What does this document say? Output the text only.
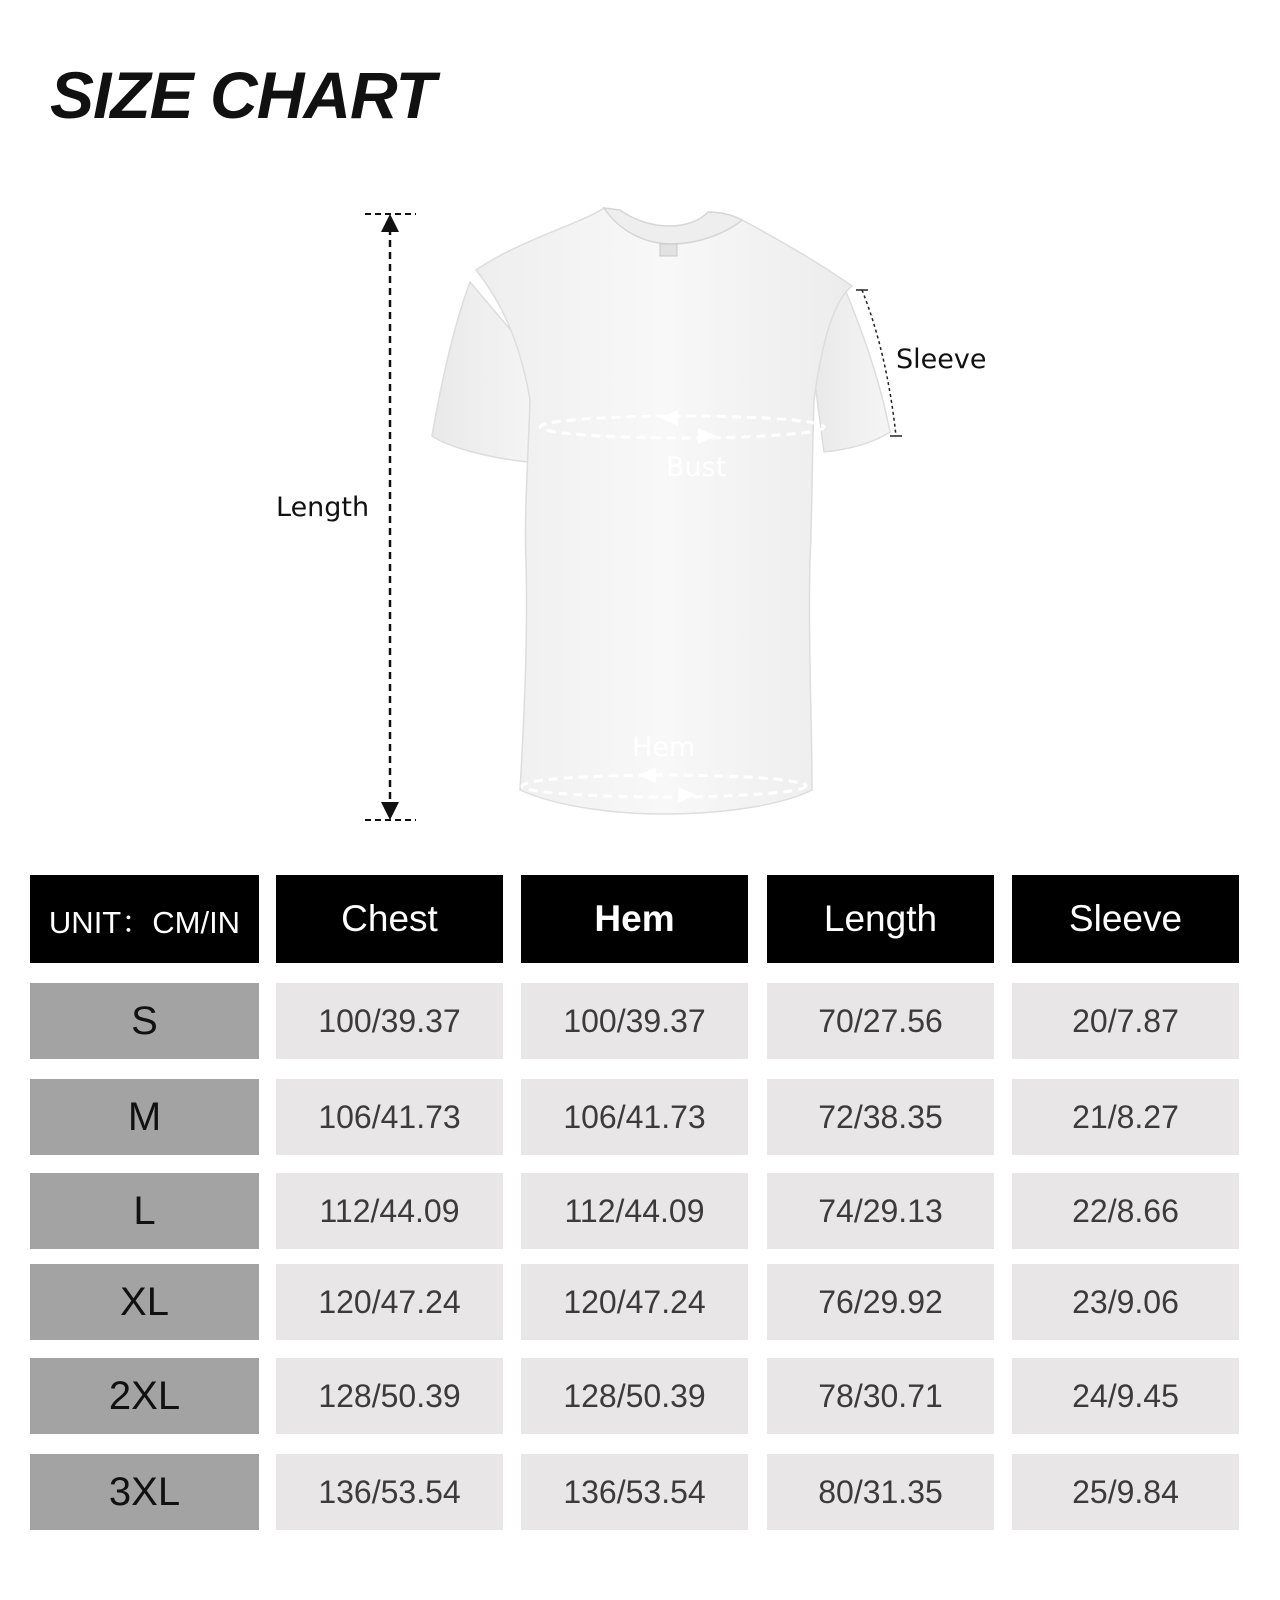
SIZE CHART
Length
Sleeve
Bust
Hem
UNIT：CM/IN	Chest	Hem	Length	Sleeve
S	100/39.37	100/39.37	70/27.56	20/7.87
M	106/41.73	106/41.73	72/38.35	21/8.27
L	112/44.09	112/44.09	74/29.13	22/8.66
XL	120/47.24	120/47.24	76/29.92	23/9.06
2XL	128/50.39	128/50.39	78/30.71	24/9.45
3XL	136/53.54	136/53.54	80/31.35	25/9.84
